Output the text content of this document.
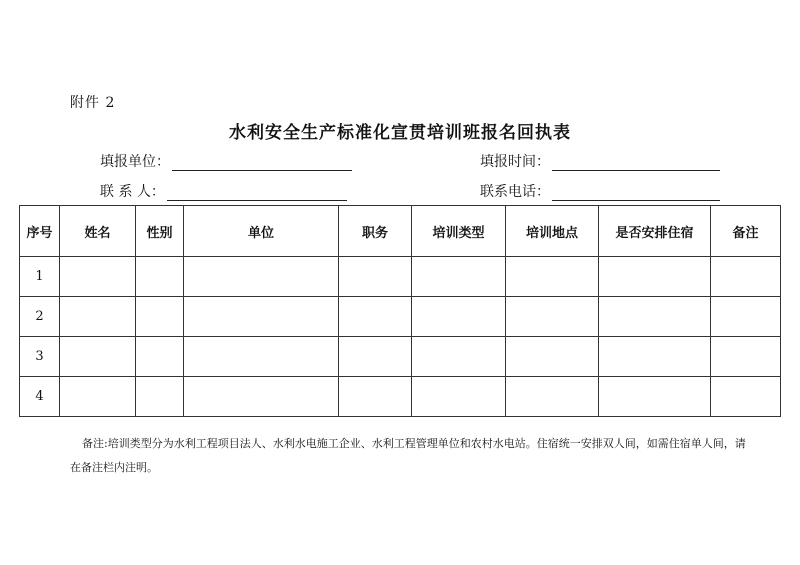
附件 2
水利安全生产标准化宣贯培训班报名回执表
填报单位：	填报时间：
联 系 人：	联系电话：
序号	姓名	性别	单位	职务	培训类型	培训地点	是否安排住宿	备注
1								
2								
3								
4								
备注:培训类型分为水利工程项目法人、水利水电施工企业、水利工程管理单位和农村水电站。住宿统一安排双人间，如需住宿单人间，请在备注栏内注明。
